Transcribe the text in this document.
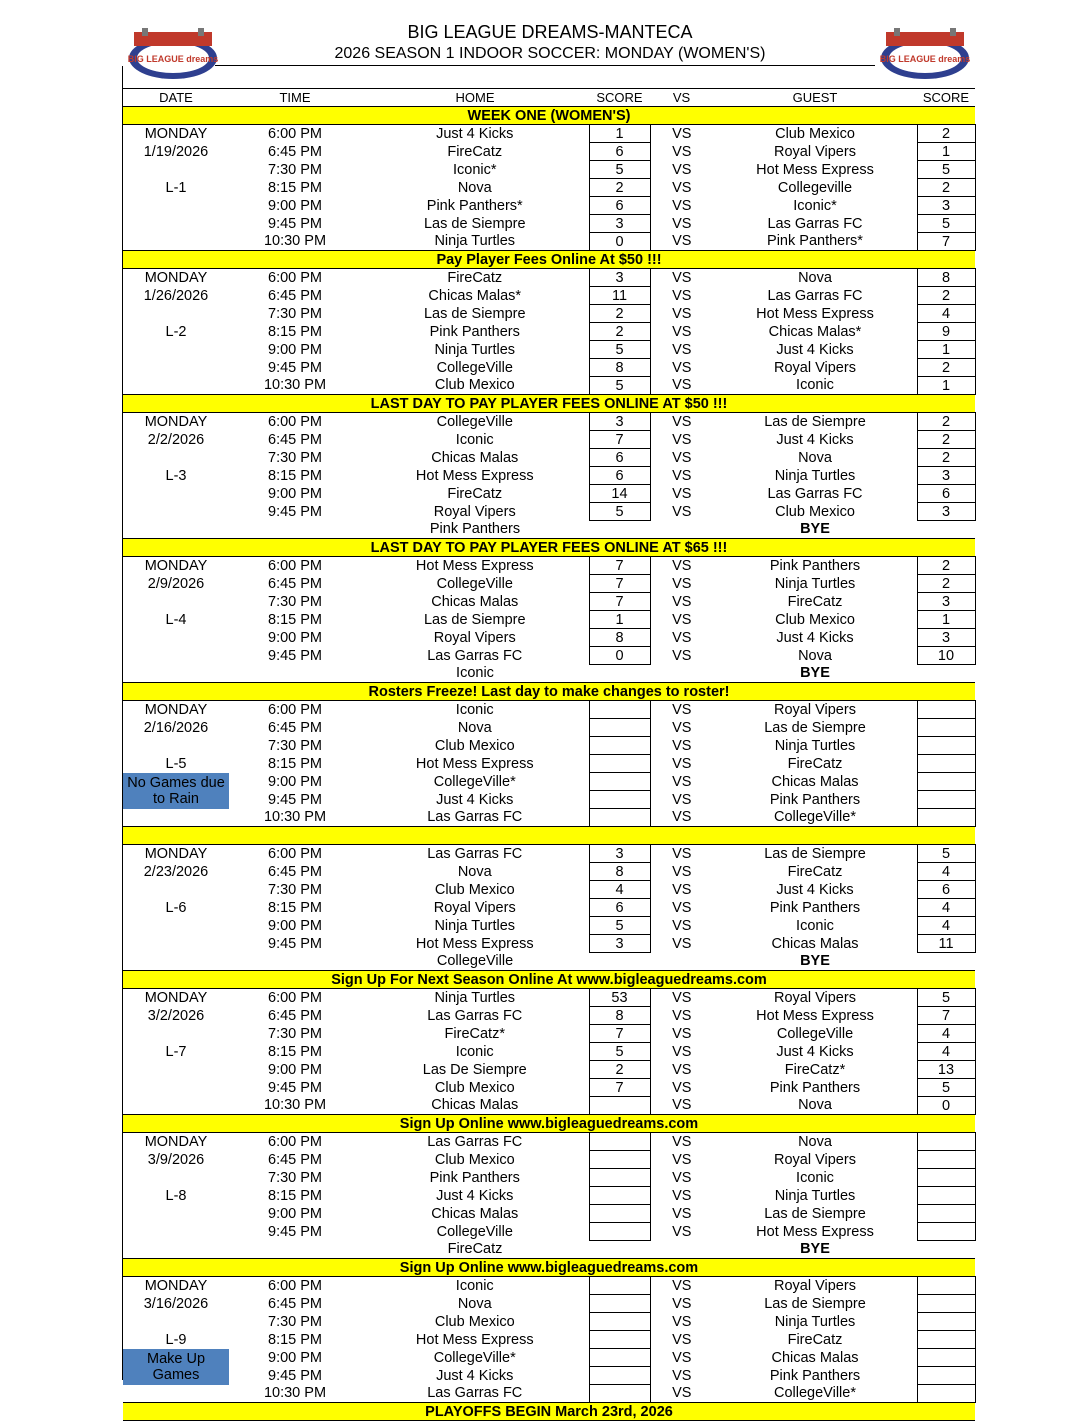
BIG LEAGUE dreams	BIG LEAGUE dreams
BIG LEAGUE DREAMS-MANTECA
2026 SEASON 1 INDOOR SOCCER: MONDAY (WOMEN'S)
DATE	TIME	HOME	SCORE	VS	GUEST		SCORE
WEEK ONE (WOMEN'S)						
MONDAY	6:00 PM	Just 4 Kicks	1	VS	Club Mexico		2
1/19/2026	6:45 PM	FireCatz	6	VS	Royal Vipers		1
	7:30 PM	Iconic*	5	VS	Hot Mess Express		5
L-1	8:15 PM	Nova	2	VS	Collegeville		2
	9:00 PM	Pink Panthers*	6	VS	Iconic*		3
	9:45 PM	Las de Siempre	3	VS	Las Garras FC		5
	10:30 PM	Ninja Turtles	0	VS	Pink Panthers*		7
Pay Player Fees Online At $50 !!!						
MONDAY	6:00 PM	FireCatz	3	VS	Nova		8
1/26/2026	6:45 PM	Chicas Malas*	11	VS	Las Garras FC		2
	7:30 PM	Las de Siempre	2	VS	Hot Mess Express		4
L-2	8:15 PM	Pink Panthers	2	VS	Chicas Malas*		9
	9:00 PM	Ninja Turtles	5	VS	Just 4 Kicks		1
	9:45 PM	CollegeVille	8	VS	Royal Vipers		2
	10:30 PM	Club Mexico	5	VS	Iconic		1
LAST DAY TO PAY PLAYER FEES ONLINE AT $50 !!!						
MONDAY	6:00 PM	CollegeVille	3	VS	Las de Siempre		2
2/2/2026	6:45 PM	Iconic	7	VS	Just 4 Kicks		2
	7:30 PM	Chicas Malas	6	VS	Nova		2
L-3	8:15 PM	Hot Mess Express	6	VS	Ninja Turtles		3
	9:00 PM	FireCatz	14	VS	Las Garras FC		6
	9:45 PM	Royal Vipers	5	VS	Club Mexico		3
		Pink Panthers			BYE		
LAST DAY TO PAY PLAYER FEES ONLINE AT $65 !!!						
MONDAY	6:00 PM	Hot Mess Express	7	VS	Pink Panthers		2
2/9/2026	6:45 PM	CollegeVille	7	VS	Ninja Turtles		2
	7:30 PM	Chicas Malas	7	VS	FireCatz		3
L-4	8:15 PM	Las de Siempre	1	VS	Club Mexico		1
	9:00 PM	Royal Vipers	8	VS	Just 4 Kicks		3
	9:45 PM	Las Garras FC	0	VS	Nova		10
		Iconic			BYE		
Rosters Freeze! Last day to make changes to roster!						
MONDAY	6:00 PM	Iconic		VS	Royal Vipers		
2/16/2026	6:45 PM	Nova		VS	Las de Siempre		
	7:30 PM	Club Mexico		VS	Ninja Turtles		
L-5	8:15 PM	Hot Mess Express		VS	FireCatz		
No Games due to Rain	9:00 PM	CollegeVille*		VS	Chicas Malas		
	9:45 PM	Just 4 Kicks		VS	Pink Panthers		
	10:30 PM	Las Garras FC		VS	CollegeVille*		

MONDAY	6:00 PM	Las Garras FC	3	VS	Las de Siempre		5
2/23/2026	6:45 PM	Nova	8	VS	FireCatz		4
	7:30 PM	Club Mexico	4	VS	Just 4 Kicks		6
L-6	8:15 PM	Royal Vipers	6	VS	Pink Panthers		4
	9:00 PM	Ninja Turtles	5	VS	Iconic		4
	9:45 PM	Hot Mess Express	3	VS	Chicas Malas		11
		CollegeVille			BYE		
Sign Up For Next Season Online At www.bigleaguedreams.com						
MONDAY	6:00 PM	Ninja Turtles	53	VS	Royal Vipers		5
3/2/2026	6:45 PM	Las Garras FC	8	VS	Hot Mess Express		7
	7:30 PM	FireCatz*	7	VS	CollegeVille		4
L-7	8:15 PM	Iconic	5	VS	Just 4 Kicks		4
	9:00 PM	Las De Siempre	2	VS	FireCatz*		13
	9:45 PM	Club Mexico	7	VS	Pink Panthers		5
	10:30 PM	Chicas Malas		VS	Nova		0
Sign Up Online www.bigleaguedreams.com						
MONDAY	6:00 PM	Las Garras FC		VS	Nova		
3/9/2026	6:45 PM	Club Mexico		VS	Royal Vipers		
	7:30 PM	Pink Panthers		VS	Iconic		
L-8	8:15 PM	Just 4 Kicks		VS	Ninja Turtles		
	9:00 PM	Chicas Malas		VS	Las de Siempre		
	9:45 PM	CollegeVille		VS	Hot Mess Express		
		FireCatz			BYE		
Sign Up Online www.bigleaguedreams.com						
MONDAY	6:00 PM	Iconic		VS	Royal Vipers		
3/16/2026	6:45 PM	Nova		VS	Las de Siempre		
	7:30 PM	Club Mexico		VS	Ninja Turtles		
L-9	8:15 PM	Hot Mess Express		VS	FireCatz		
Make Up Games	9:00 PM	CollegeVille*		VS	Chicas Malas		
	9:45 PM	Just 4 Kicks		VS	Pink Panthers		
	10:30 PM	Las Garras FC		VS	CollegeVille*		
PLAYOFFS BEGIN March 23rd, 2026						
